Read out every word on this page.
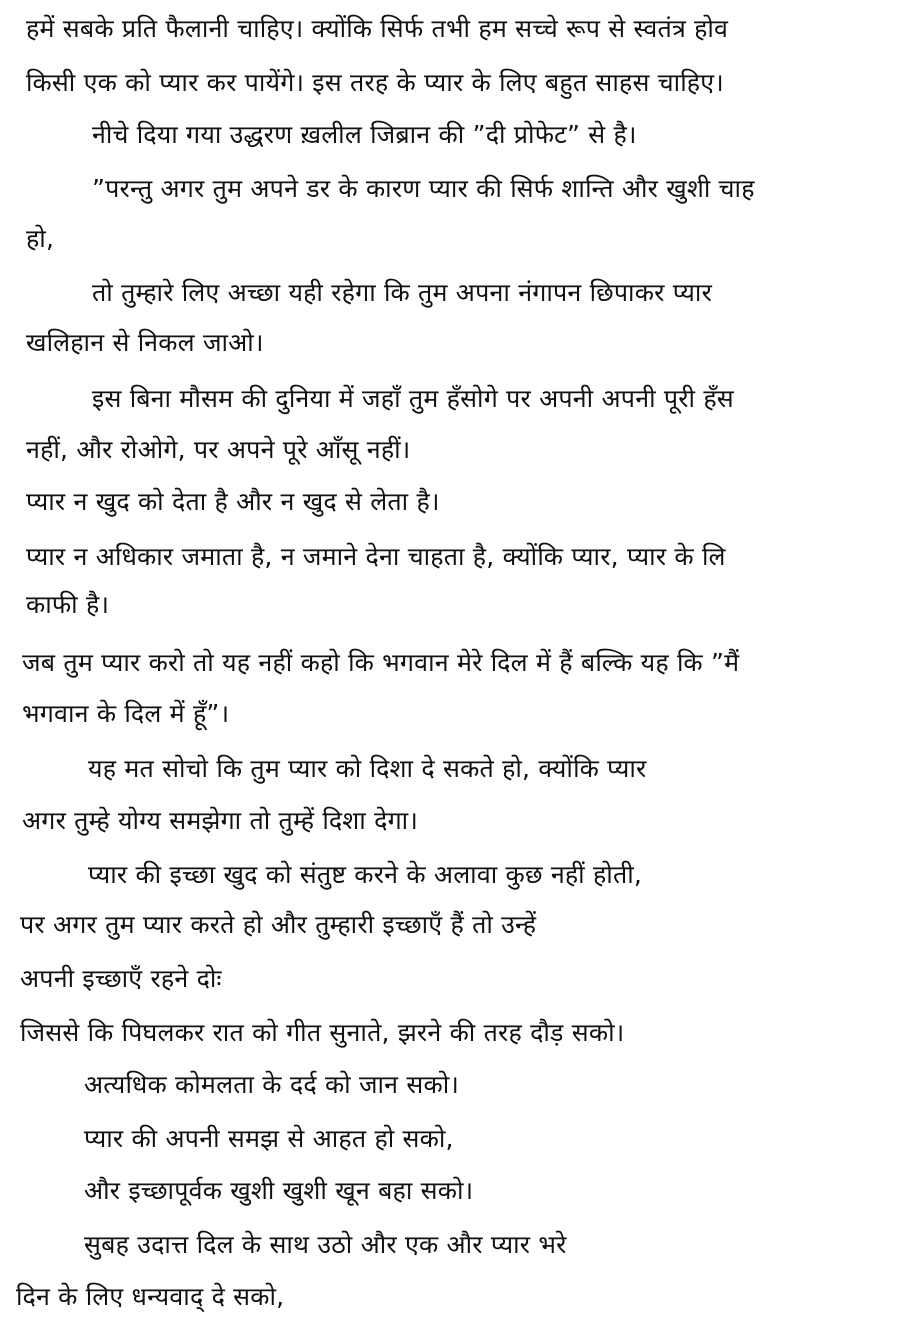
हमें सबके प्रति फैलानी चाहिए। क्योंकि सिर्फ तभी हम सच्चे रूप से स्वतंत्र होव
किसी एक को प्यार कर पायेंगे। इस तरह के प्यार के लिए बहुत साहस चाहिए।
नीचे दिया गया उद्धरण ख़लील जिब्रान की ”दी प्रोफेट” से है।
”परन्तु अगर तुम अपने डर के कारण प्यार की सिर्फ शान्ति और खुशी चाह
हो,
तो तुम्हारे लिए अच्छा यही रहेगा कि तुम अपना नंगापन छिपाकर प्यार
खलिहान से निकल जाओ।
इस बिना मौसम की दुनिया में जहाँ तुम हँसोगे पर अपनी अपनी पूरी हँस
नहीं, और रोओगे, पर अपने पूरे आँसू नहीं।
प्यार न खुद को देता है और न खुद से लेता है।
प्यार न अधिकार जमाता है, न जमाने देना चाहता है, क्योंकि प्यार, प्यार के लि
काफी है।
जब तुम प्यार करो तो यह नहीं कहो कि भगवान मेरे दिल में हैं बल्कि यह कि ”मैं
भगवान के दिल में हूँ”।
यह मत सोचो कि तुम प्यार को दिशा दे सकते हो, क्योंकि प्यार
अगर तुम्हे योग्य समझेगा तो तुम्हें दिशा देगा।
प्यार की इच्छा खुद को संतुष्ट करने के अलावा कुछ नहीं होती,
पर अगर तुम प्यार करते हो और तुम्हारी इच्छाएँ हैं तो उन्हें
अपनी इच्छाएँ रहने दोः
जिससे कि पिघलकर रात को गीत सुनाते, झरने की तरह दौड़ सको।
अत्यधिक कोमलता के दर्द को जान सको।
प्यार की अपनी समझ से आहत हो सको,
और इच्छापूर्वक खुशी खुशी खून बहा सको।
सुबह उदात्त दिल के साथ उठो और एक और प्यार भरे
दिन के लिए धन्यवाद् दे सको,
